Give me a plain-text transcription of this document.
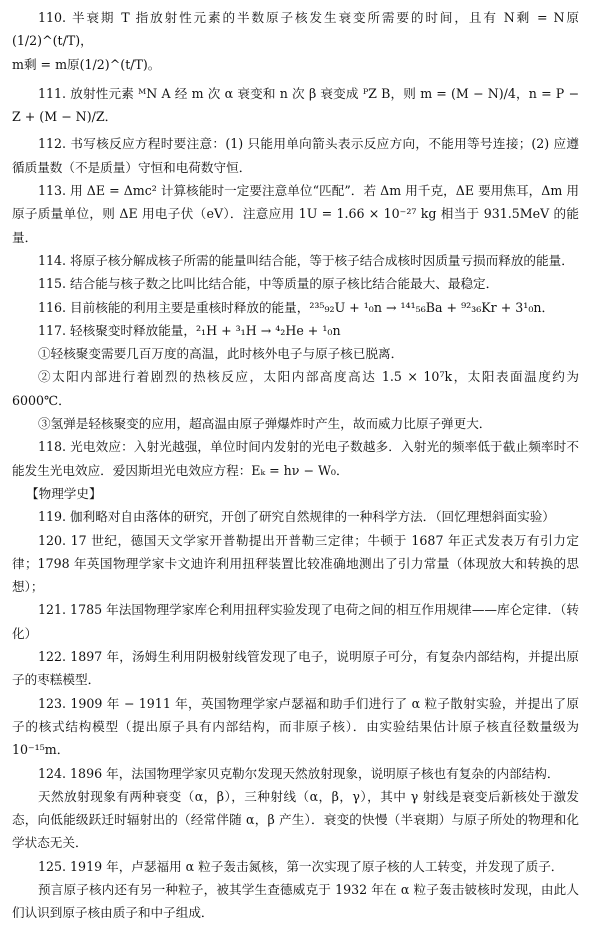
110. 半衰期 T 指放射性元素的半数原子核发生衰变所需要的时间，且有 N剩 = N原(1/2)^(t/T)，

m剩 = m原(1/2)^(t/T)。

111. 放射性元素 ᴹN A 经 m 次 α 衰变和 n 次 β 衰变成 ᴾZ B，则 m = (M − N)/4，n = P − Z + (M − N)/Z．

112. 书写核反应方程时要注意：(1) 只能用单向箭头表示反应方向，不能用等号连接；(2) 应遵循质量数（不是质量）守恒和电荷数守恒．

113. 用 ΔE = Δmc² 计算核能时一定要注意单位“匹配”．若 Δm 用千克，ΔE 要用焦耳，Δm 用原子质量单位，则 ΔE 用电子伏（eV）．注意应用 1U = 1.66 × 10⁻²⁷ kg 相当于 931.5MeV 的能量．

114. 将原子核分解成核子所需的能量叫结合能，等于核子结合成核时因质量亏损而释放的能量．

115. 结合能与核子数之比叫比结合能，中等质量的原子核比结合能最大、最稳定．

116. 目前核能的利用主要是重核时释放的能量，²³⁵₉₂U + ¹₀n → ¹⁴¹₅₆Ba + ⁹²₃₆Kr + 3¹₀n．

117. 轻核聚变时释放能量，²₁H + ³₁H → ⁴₂He + ¹₀n

①轻核聚变需要几百万度的高温，此时核外电子与原子核已脱离．

②太阳内部进行着剧烈的热核反应，太阳内部高度高达 1.5 × 10⁷k，太阳表面温度约为 6000℃．

③氢弹是轻核聚变的应用，超高温由原子弹爆炸时产生，故而威力比原子弹更大．

118. 光电效应：入射光越强，单位时间内发射的光电子数越多．入射光的频率低于截止频率时不能发生光电效应．爱因斯坦光电效应方程：Eₖ = hν − W₀．

【物理学史】

119. 伽利略对自由落体的研究，开创了研究自然规律的一种科学方法．（回忆理想斜面实验）

120. 17 世纪，德国天文学家开普勒提出开普勒三定律；牛顿于 1687 年正式发表万有引力定律；1798 年英国物理学家卡文迪许利用扭秤装置比较准确地测出了引力常量（体现放大和转换的思想）；

121. 1785 年法国物理学家库仑利用扭秤实验发现了电荷之间的相互作用规律——库仑定律．（转化）

122. 1897 年，汤姆生利用阴极射线管发现了电子，说明原子可分，有复杂内部结构，并提出原子的枣糕模型．

123. 1909 年 − 1911 年，英国物理学家卢瑟福和助手们进行了 α 粒子散射实验，并提出了原子的核式结构模型（提出原子具有内部结构，而非原子核）．由实验结果估计原子核直径数量级为 10⁻¹⁵m．

124. 1896 年，法国物理学家贝克勒尔发现天然放射现象，说明原子核也有复杂的内部结构．

天然放射现象有两种衰变（α，β），三种射线（α，β，γ），其中 γ 射线是衰变后新核处于激发态，向低能级跃迁时辐射出的（经常伴随 α，β 产生）．衰变的快慢（半衰期）与原子所处的物理和化学状态无关．

125. 1919 年，卢瑟福用 α 粒子轰击氮核，第一次实现了原子核的人工转变，并发现了质子．

预言原子核内还有另一种粒子，被其学生查德威克于 1932 年在 α 粒子轰击铍核时发现，由此人们认识到原子核由质子和中子组成．
